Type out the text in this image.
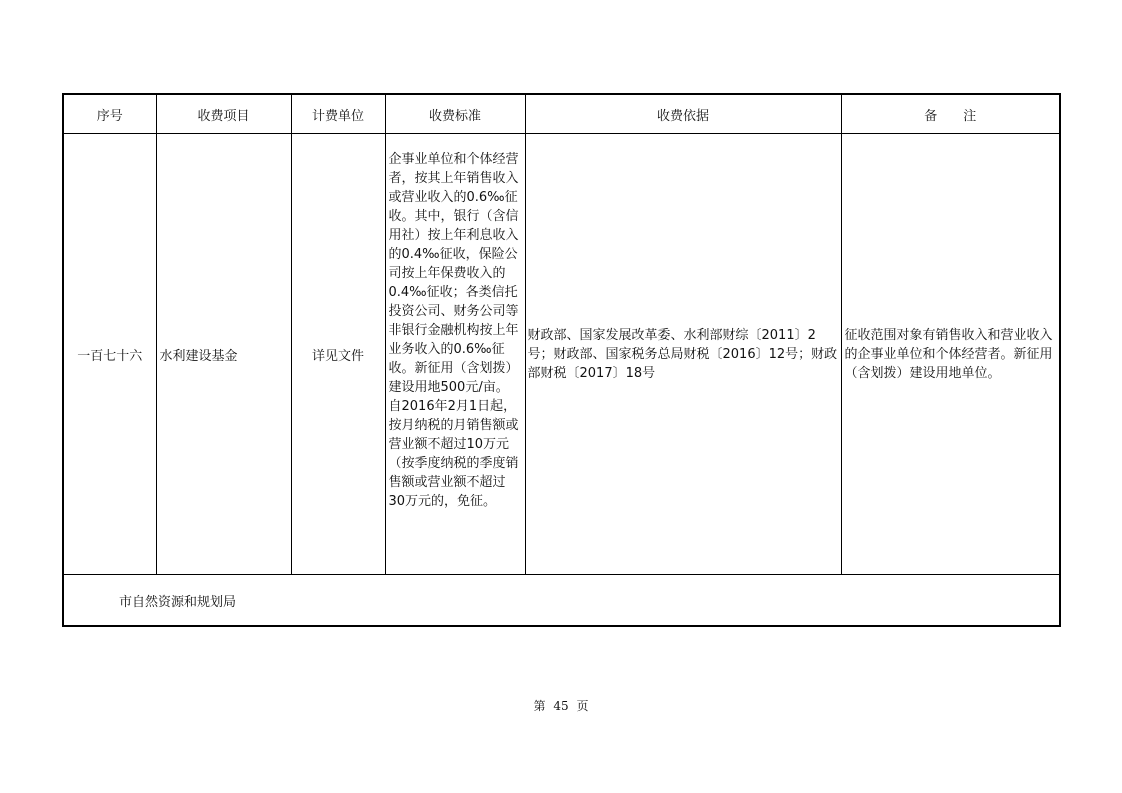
序号	收费项目	计费单位	收费标准	收费依据	备 注
一百七十六	水利建设基金	详见文件	企事业单位和个体经营者，按其上年销售收入或营业收入的0.6‰征收。其中，银行（含信用社）按上年利息收入的0.4‰征收，保险公司按上年保费收入的0.4‰征收；各类信托投资公司、财务公司等非银行金融机构按上年业务收入的0.6‰征收。新征用（含划拨）建设用地500元/亩。自2016年2月1日起，按月纳税的月销售额或营业额不超过10万元（按季度纳税的季度销售额或营业额不超过30万元的，免征。	财政部、国家发展改革委、水利部财综〔2011〕2号；财政部、国家税务总局财税〔2016〕12号；财政部财税〔2017〕18号	征收范围对象有销售收入和营业收入的企事业单位和个体经营者。新征用（含划拨）建设用地单位。
市自然资源和规划局					
第 45 页
